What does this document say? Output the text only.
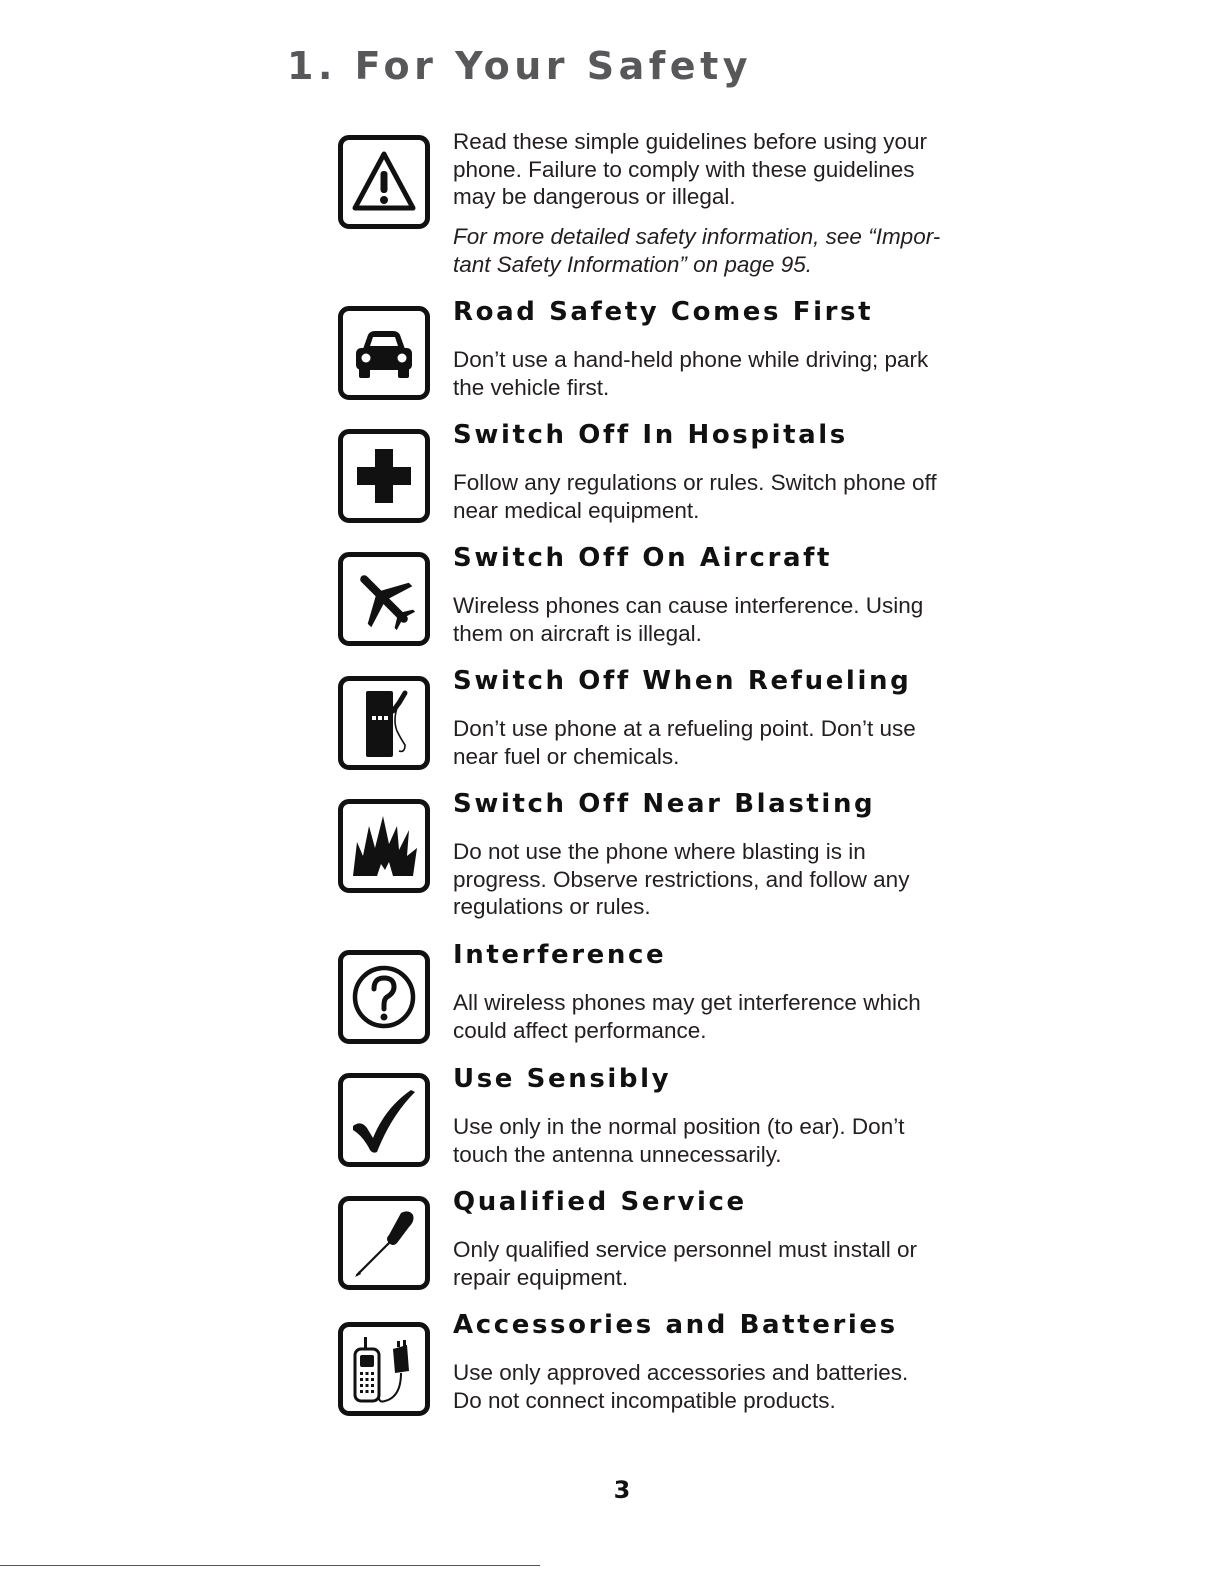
1. For Your Safety

Read these simple guidelines before using your phone. Failure to comply with these guidelines may be dangerous or illegal.

For more detailed safety information, see “Impor-tant Safety Information” on page 95.

Road Safety Comes First

Don’t use a hand-held phone while driving; park the vehicle first.

Switch Off In Hospitals

Follow any regulations or rules. Switch phone off near medical equipment.

Switch Off On Aircraft

Wireless phones can cause interference. Using them on aircraft is illegal.

Switch Off When Refueling

Don’t use phone at a refueling point. Don’t use near fuel or chemicals.

Switch Off Near Blasting

Do not use the phone where blasting is in progress. Observe restrictions, and follow any regulations or rules.

Interference

All wireless phones may get interference which could affect performance.

Use Sensibly

Use only in the normal position (to ear). Don’t touch the antenna unnecessarily.

Qualified Service

Only qualified service personnel must install or repair equipment.

Accessories and Batteries

Use only approved accessories and batteries. Do not connect incompatible products.

3
